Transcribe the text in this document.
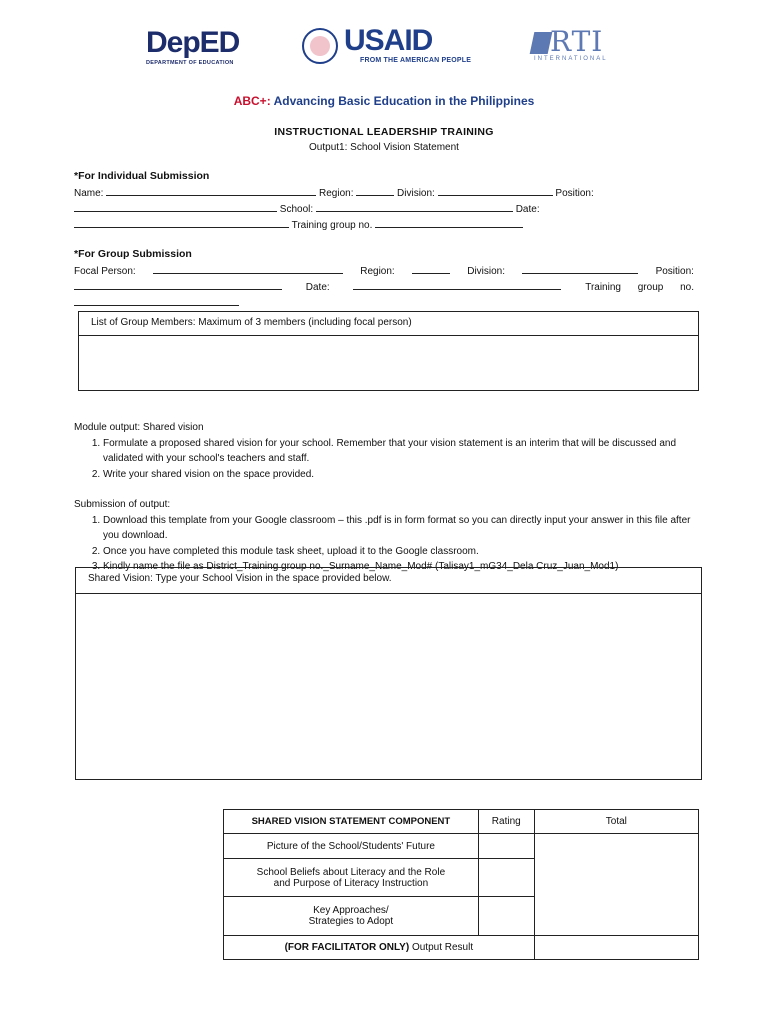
DepED
DEPARTMENT OF EDUCATION
USAID
FROM THE AMERICAN PEOPLE
RTI
INTERNATIONAL
ABC+: Advancing Basic Education in the Philippines
INSTRUCTIONAL LEADERSHIP TRAINING
Output1: School Vision Statement
*For Individual Submission
Name:	Region:	Division:	Position:
School:	Date:
Training group no.
*For Group Submission
Focal Person:	Region:	Division:	Position:
Date:	Training group no.
List of Group Members: Maximum of 3 members (including focal person)
Module output: Shared vision
1. Formulate a proposed shared vision for your school. Remember that your vision statement is an interim that will be discussed and validated with your school's teachers and staff.
2. Write your shared vision on the space provided.
Submission of output:
1. Download this template from your Google classroom – this .pdf is in form format so you can directly input your answer in this file after you download.
2. Once you have completed this module task sheet, upload it to the Google classroom.
3. Kindly name the file as District_Training group no._Surname_Name_Mod# (Talisay1_mG34_Dela Cruz_Juan_Mod1)
Shared Vision: Type your School Vision in the space provided below.
SHARED VISION STATEMENT COMPONENT	Rating	Total
Picture of the School/Students' Future		
School Beliefs about Literacy and the Role and Purpose of Literacy Instruction		
Key Approaches/ Strategies to Adopt		
(FOR FACILITATOR ONLY) Output Result		
